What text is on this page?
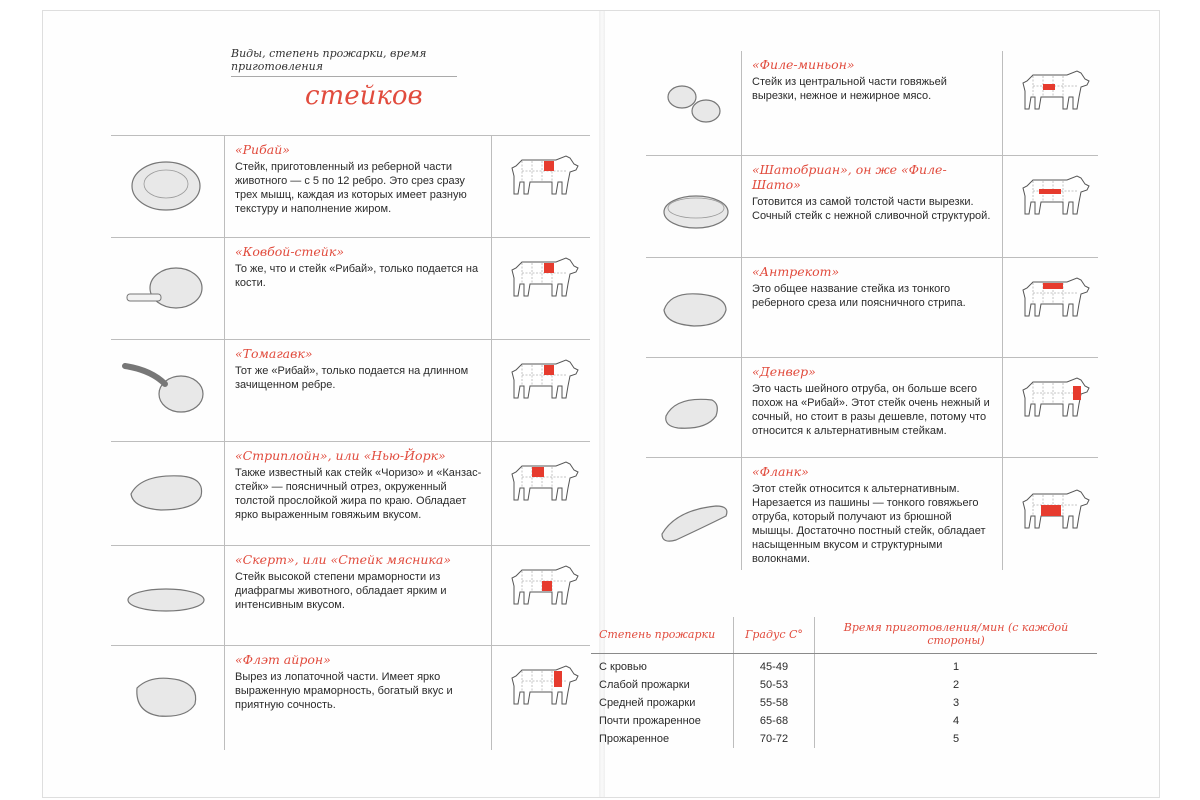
Виды, степень прожарки, время приготовления
стейков
«Рибай»
Стейк, приготовленный из реберной части животного — с 5 по 12 ребро. Это срез сразу трех мышц, каждая из которых имеет разную текстуру и наполнение жиром.
«Ковбой-стейк»
То же, что и стейк «Рибай», только подается на кости.
«Томагавк»
Тот же «Рибай», только подается на длинном зачищенном ребре.
«Стриплойн», или «Нью-Йорк»
Также известный как стейк «Чоризо» и «Канзас-стейк» — поясничный отрез, окруженный толстой прослойкой жира по краю. Обладает ярко выраженным говяжьим вкусом.
«Скерт», или «Стейк мясника»
Стейк высокой степени мраморности из диафрагмы животного, обладает ярким и интенсивным вкусом.
«Флэт айрон»
Вырез из лопаточной части. Имеет ярко выраженную мраморность, богатый вкус и приятную сочность.
«Филе-миньон»
Стейк из центральной части говяжьей вырезки, нежное и нежирное мясо.
«Шатобриан», он же «Филе-Шато»
Готовится из самой толстой части вырезки. Сочный стейк с нежной сливочной структурой.
«Антрекот»
Это общее название стейка из тонкого реберного среза или поясничного стрипа.
«Денвер»
Это часть шейного отруба, он больше всего похож на «Рибай». Этот стейк очень нежный и сочный, но стоит в разы дешевле, потому что относится к альтернативным стейкам.
«Фланк»
Этот стейк относится к альтернативным. Нарезается из пашины — тонкого говяжьего отруба, который получают из брюшной мышцы. Достаточно постный стейк, обладает насыщенным вкусом и структурными волокнами.
Степень прожарки	Градус С°	Время приготовления/мин (с каждой стороны)
С кровью	45-49	1
Слабой прожарки	50-53	2
Средней прожарки	55-58	3
Почти прожаренное	65-68	4
Прожаренное	70-72	5
